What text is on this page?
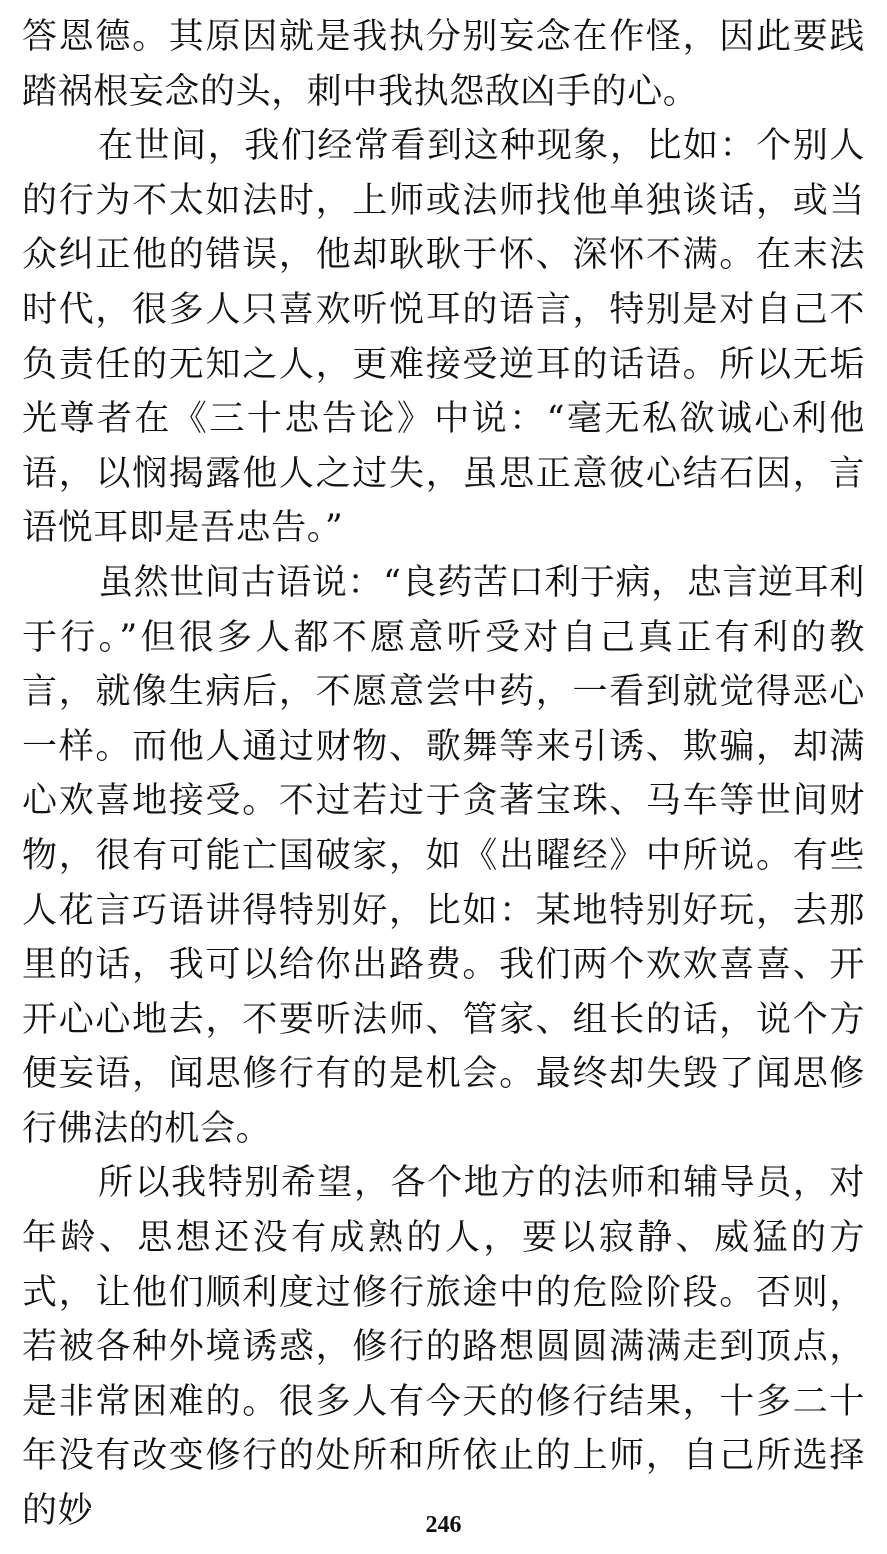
答恩德。其原因就是我执分别妄念在作怪，因此要践踏祸根妄念的头，刺中我执怨敌凶手的心。

在世间，我们经常看到这种现象，比如：个别人的行为不太如法时，上师或法师找他单独谈话，或当众纠正他的错误，他却耿耿于怀、深怀不满。在末法时代，很多人只喜欢听悦耳的语言，特别是对自己不负责任的无知之人，更难接受逆耳的话语。所以无垢光尊者在《三十忠告论》中说：“毫无私欲诚心利他语，以悯揭露他人之过失，虽思正意彼心结石因，言语悦耳即是吾忠告。”

虽然世间古语说：“良药苦口利于病，忠言逆耳利于行。”但很多人都不愿意听受对自己真正有利的教言，就像生病后，不愿意尝中药，一看到就觉得恶心一样。而他人通过财物、歌舞等来引诱、欺骗，却满心欢喜地接受。不过若过于贪著宝珠、马车等世间财物，很有可能亡国破家，如《出曜经》中所说。有些人花言巧语讲得特别好，比如：某地特别好玩，去那里的话，我可以给你出路费。我们两个欢欢喜喜、开开心心地去，不要听法师、管家、组长的话，说个方便妄语，闻思修行有的是机会。最终却失毁了闻思修行佛法的机会。

所以我特别希望，各个地方的法师和辅导员，对年龄、思想还没有成熟的人，要以寂静、威猛的方式，让他们顺利度过修行旅途中的危险阶段。否则，若被各种外境诱惑，修行的路想圆圆满满走到顶点，是非常困难的。很多人有今天的修行结果，十多二十年没有改变修行的处所和所依止的上师，自己所选择的妙	246
